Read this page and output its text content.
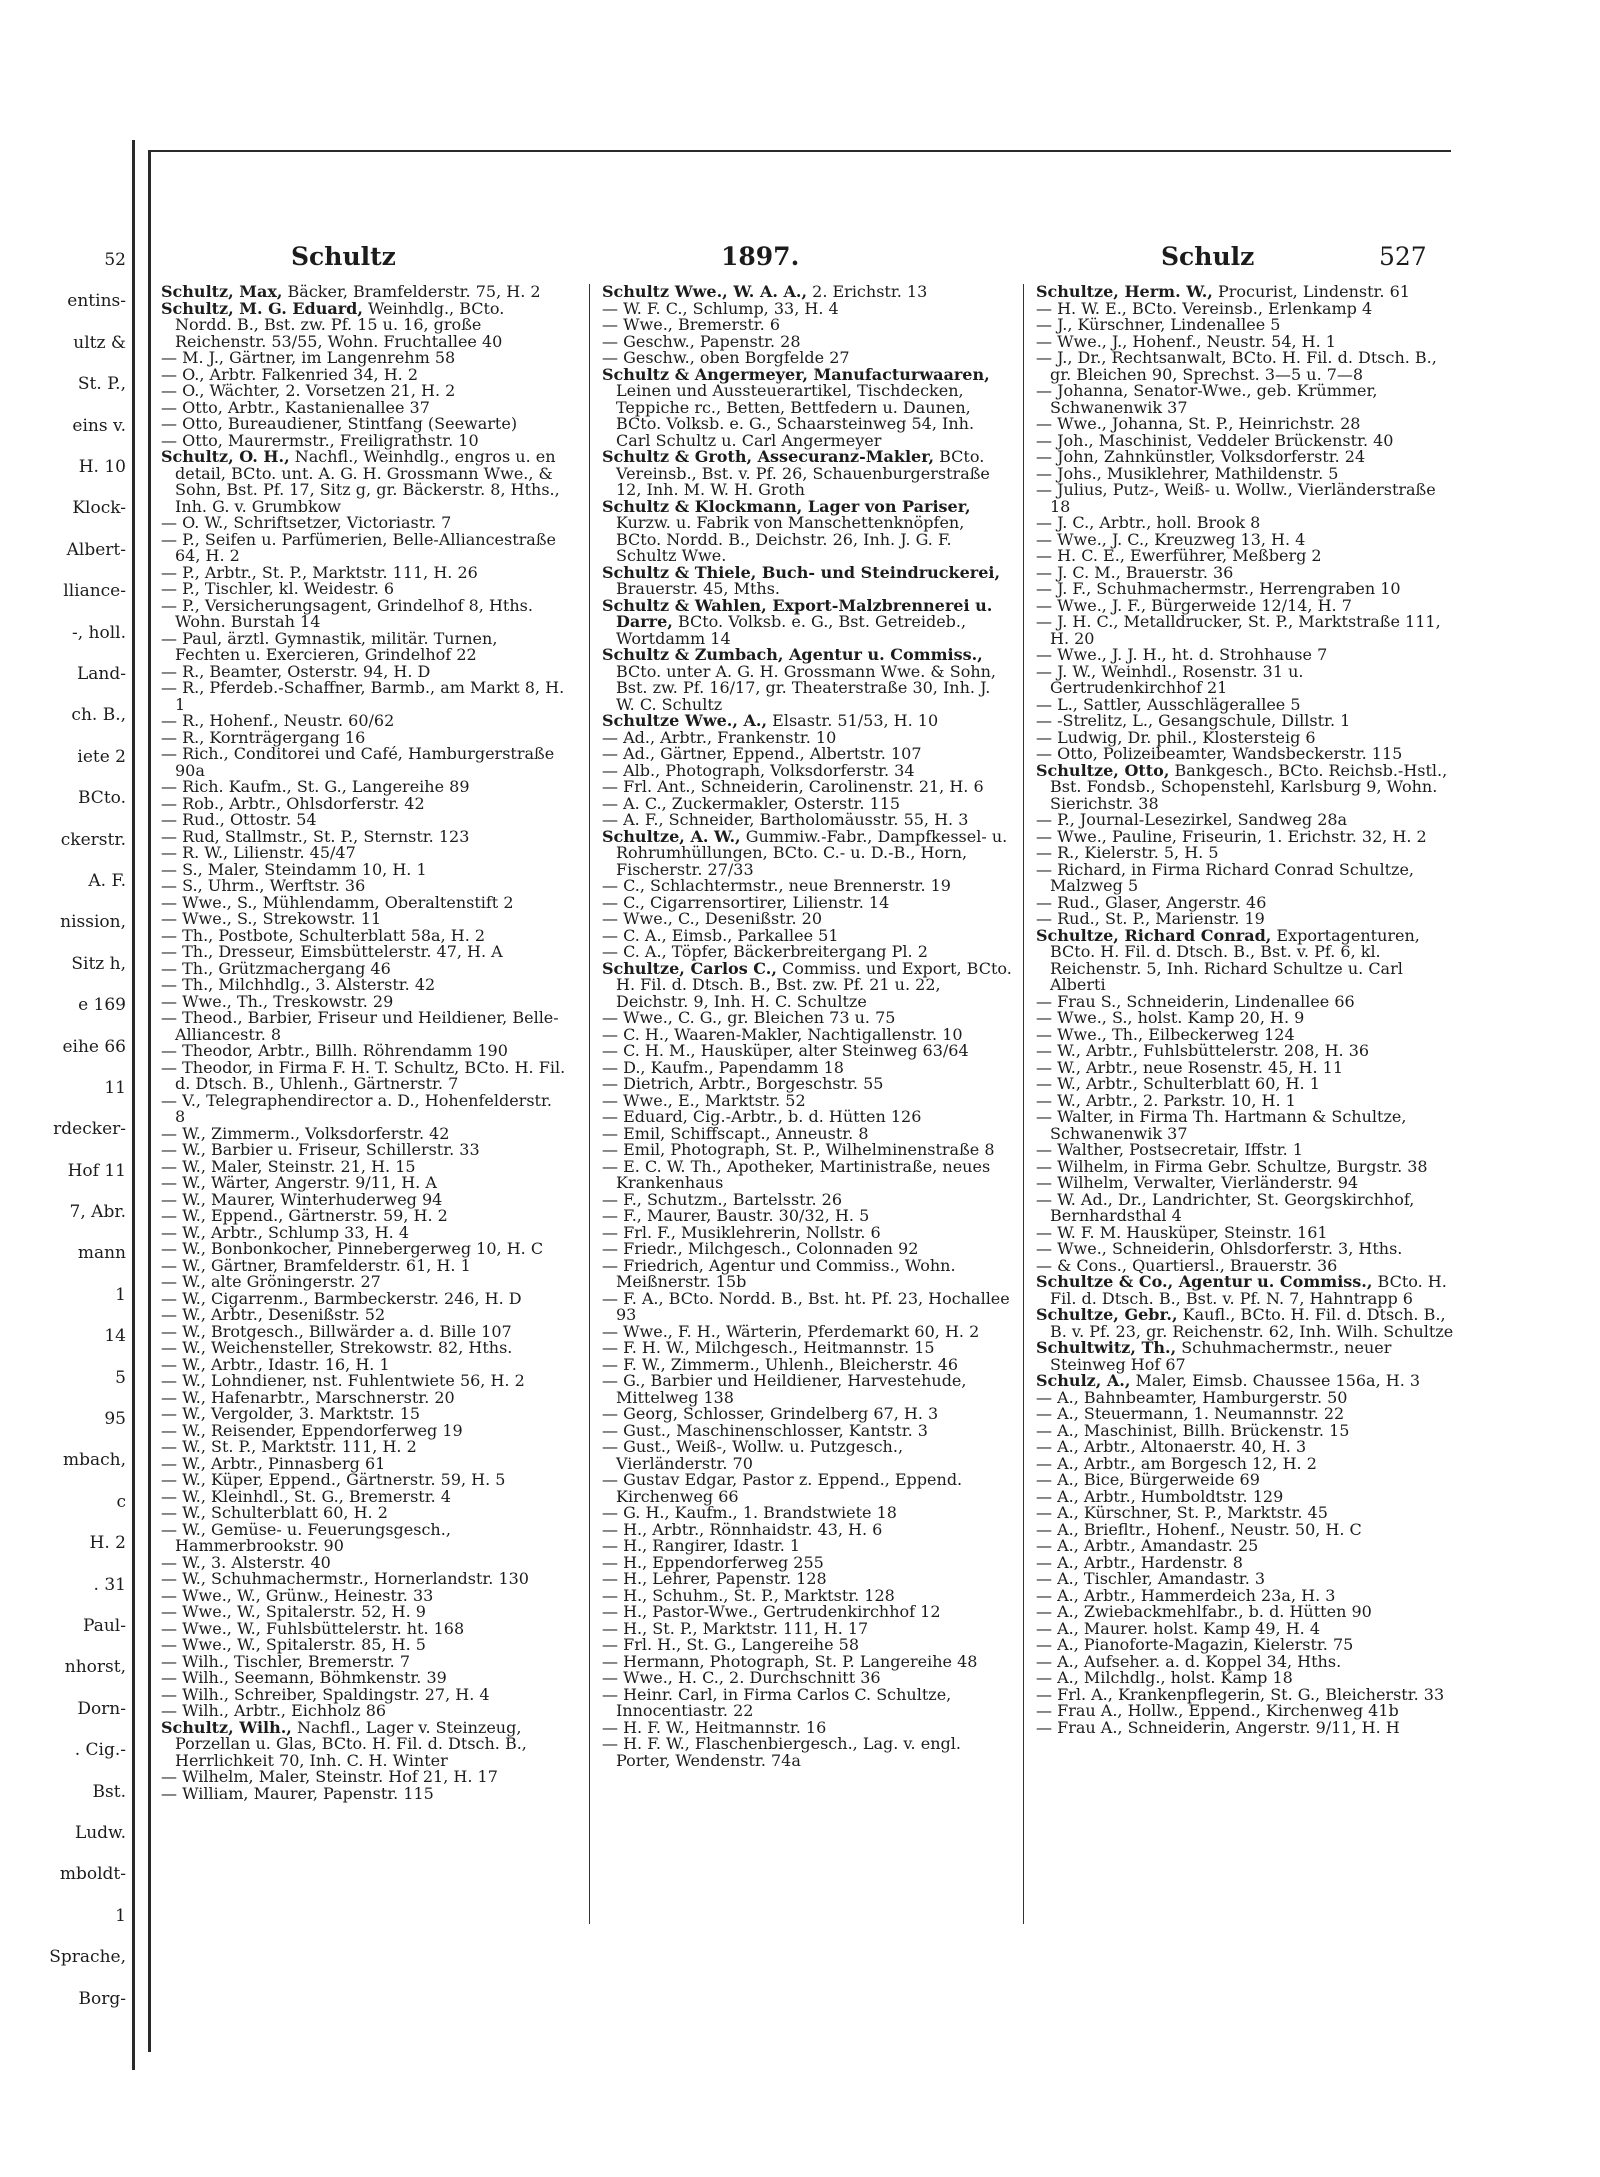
52
entins-
ultz &
St. P.,
eins v.
H. 10
Klock-
Albert-
lliance-
-, holl.
Land-
ch. B.,
iete 2
BCto.
ckerstr.
A. F.
nission,
Sitz h,
e 169
eihe 66
11
rdecker-
Hof 11
7, Abr.
mann
1
14
5
95
mbach,
c
H. 2
. 31
Paul-
nhorst,
Dorn-
. Cig.-
Bst.
Ludw.
mboldt-
1
Sprache,
Borg-
Schultz	1897.	Schulz	527

Schultz, Max, Bäcker, Bramfelderstr. 75, H. 2

Schultz, M. G. Eduard, Weinhdlg., BCto. Nordd. B., Bst. zw. Pf. 15 u. 16, große Reichenstr. 53/55, Wohn. Fruchtallee 40

— M. J., Gärtner, im Langenrehm 58

— O., Arbtr. Falkenried 34, H. 2

— O., Wächter, 2. Vorsetzen 21, H. 2

— Otto, Arbtr., Kastanienallee 37

— Otto, Bureaudiener, Stintfang (Seewarte)

— Otto, Maurermstr., Freiligrathstr. 10

Schultz, O. H., Nachfl., Weinhdlg., engros u. en detail, BCto. unt. A. G. H. Grossmann Wwe., & Sohn, Bst. Pf. 17, Sitz g, gr. Bäckerstr. 8, Hths., Inh. G. v. Grumbkow

— O. W., Schriftsetzer, Victoriastr. 7

— P., Seifen u. Parfümerien, Belle-Alliancestraße 64, H. 2

— P., Arbtr., St. P., Marktstr. 111, H. 26

— P., Tischler, kl. Weidestr. 6

— P., Versicherungsagent, Grindelhof 8, Hths. Wohn. Burstah 14

— Paul, ärztl. Gymnastik, militär. Turnen, Fechten u. Exercieren, Grindelhof 22

— R., Beamter, Osterstr. 94, H. D

— R., Pferdeb.-Schaffner, Barmb., am Markt 8, H. 1

— R., Hohenf., Neustr. 60/62

— R., Kornträgergang 16

— Rich., Conditorei und Café, Hamburgerstraße 90a

— Rich. Kaufm., St. G., Langereihe 89

— Rob., Arbtr., Ohlsdorferstr. 42

— Rud., Ottostr. 54

— Rud, Stallmstr., St. P., Sternstr. 123

— R. W., Lilienstr. 45/47

— S., Maler, Steindamm 10, H. 1

— S., Uhrm., Werftstr. 36

— Wwe., S., Mühlendamm, Oberaltenstift 2

— Wwe., S., Strekowstr. 11

— Th., Postbote, Schulterblatt 58a, H. 2

— Th., Dresseur, Eimsbüttelerstr. 47, H. A

— Th., Grützmachergang 46

— Th., Milchhdlg., 3. Alsterstr. 42

— Wwe., Th., Treskowstr. 29

— Theod., Barbier, Friseur und Heildiener, Belle-Alliancestr. 8

— Theodor, Arbtr., Billh. Röhrendamm 190

— Theodor, in Firma F. H. T. Schultz, BCto. H. Fil. d. Dtsch. B., Uhlenh., Gärtnerstr. 7

— V., Telegraphendirector a. D., Hohenfelderstr. 8

— W., Zimmerm., Volksdorferstr. 42

— W., Barbier u. Friseur, Schillerstr. 33

— W., Maler, Steinstr. 21, H. 15

— W., Wärter, Angerstr. 9/11, H. A

— W., Maurer, Winterhuderweg 94

— W., Eppend., Gärtnerstr. 59, H. 2

— W., Arbtr., Schlump 33, H. 4

— W., Bonbonkocher, Pinnebergerweg 10, H. C

— W., Gärtner, Bramfelderstr. 61, H. 1

— W., alte Gröningerstr. 27

— W., Cigarrenm., Barmbeckerstr. 246, H. D

— W., Arbtr., Desenißstr. 52

— W., Brotgesch., Billwärder a. d. Bille 107

— W., Weichensteller, Strekowstr. 82, Hths.

— W., Arbtr., Idastr. 16, H. 1

— W., Lohndiener, nst. Fuhlentwiete 56, H. 2

— W., Hafenarbtr., Marschnerstr. 20

— W., Vergolder, 3. Marktstr. 15

— W., Reisender, Eppendorferweg 19

— W., St. P., Marktstr. 111, H. 2

— W., Arbtr., Pinnasberg 61

— W., Küper, Eppend., Gärtnerstr. 59, H. 5

— W., Kleinhdl., St. G., Bremerstr. 4

— W., Schulterblatt 60, H. 2

— W., Gemüse- u. Feuerungsgesch., Hammerbrookstr. 90

— W., 3. Alsterstr. 40

— W., Schuhmachermstr., Hornerlandstr. 130

— Wwe., W., Grünw., Heinestr. 33

— Wwe., W., Spitalerstr. 52, H. 9

— Wwe., W., Fuhlsbüttelerstr. ht. 168

— Wwe., W., Spitalerstr. 85, H. 5

— Wilh., Tischler, Bremerstr. 7

— Wilh., Seemann, Böhmkenstr. 39

— Wilh., Schreiber, Spaldingstr. 27, H. 4

— Wilh., Arbtr., Eichholz 86

Schultz, Wilh., Nachfl., Lager v. Steinzeug, Porzellan u. Glas, BCto. H. Fil. d. Dtsch. B., Herrlichkeit 70, Inh. C. H. Winter

— Wilhelm, Maler, Steinstr. Hof 21, H. 17

— William, Maurer, Papenstr. 115

Schultz Wwe., W. A. A., 2. Erichstr. 13

— W. F. C., Schlump, 33, H. 4

— Wwe., Bremerstr. 6

— Geschw., Papenstr. 28

— Geschw., oben Borgfelde 27

Schultz & Angermeyer, Manufacturwaaren, Leinen und Aussteuerartikel, Tischdecken, Teppiche rc., Betten, Bettfedern u. Daunen, BCto. Volksb. e. G., Schaarsteinweg 54, Inh. Carl Schultz u. Carl Angermeyer

Schultz & Groth, Assecuranz-Makler, BCto. Vereinsb., Bst. v. Pf. 26, Schauenburgerstraße 12, Inh. M. W. H. Groth

Schultz & Klockmann, Lager von Pariser, Kurzw. u. Fabrik von Manschettenknöpfen, BCto. Nordd. B., Deichstr. 26, Inh. J. G. F. Schultz Wwe.

Schultz & Thiele, Buch- und Steindruckerei, Brauerstr. 45, Mths.

Schultz & Wahlen, Export-Malzbrennerei u. Darre, BCto. Volksb. e. G., Bst. Getreideb., Wortdamm 14

Schultz & Zumbach, Agentur u. Commiss., BCto. unter A. G. H. Grossmann Wwe. & Sohn, Bst. zw. Pf. 16/17, gr. Theaterstraße 30, Inh. J. W. C. Schultz

Schultze Wwe., A., Elsastr. 51/53, H. 10

— Ad., Arbtr., Frankenstr. 10

— Ad., Gärtner, Eppend., Albertstr. 107

— Alb., Photograph, Volksdorferstr. 34

— Frl. Ant., Schneiderin, Carolinenstr. 21, H. 6

— A. C., Zuckermakler, Osterstr. 115

— A. F., Schneider, Bartholomäusstr. 55, H. 3

Schultze, A. W., Gummiw.-Fabr., Dampfkessel- u. Rohrumhüllungen, BCto. C.- u. D.-B., Horn, Fischerstr. 27/33

— C., Schlachtermstr., neue Brennerstr. 19

— C., Cigarrensortirer, Lilienstr. 14

— Wwe., C., Desenißstr. 20

— C. A., Eimsb., Parkallee 51

— C. A., Töpfer, Bäckerbreitergang Pl. 2

Schultze, Carlos C., Commiss. und Export, BCto. H. Fil. d. Dtsch. B., Bst. zw. Pf. 21 u. 22, Deichstr. 9, Inh. H. C. Schultze

— Wwe., C. G., gr. Bleichen 73 u. 75

— C. H., Waaren-Makler, Nachtigallenstr. 10

— C. H. M., Hausküper, alter Steinweg 63/64

— D., Kaufm., Papendamm 18

— Dietrich, Arbtr., Borgeschstr. 55

— Wwe., E., Marktstr. 52

— Eduard, Cig.-Arbtr., b. d. Hütten 126

— Emil, Schiffscapt., Anneustr. 8

— Emil, Photograph, St. P., Wilhelminenstraße 8

— E. C. W. Th., Apotheker, Martinistraße, neues Krankenhaus

— F., Schutzm., Bartelsstr. 26

— F., Maurer, Baustr. 30/32, H. 5

— Frl. F., Musiklehrerin, Nollstr. 6

— Friedr., Milchgesch., Colonnaden 92

— Friedrich, Agentur und Commiss., Wohn. Meißnerstr. 15b

— F. A., BCto. Nordd. B., Bst. ht. Pf. 23, Hochallee 93

— Wwe., F. H., Wärterin, Pferdemarkt 60, H. 2

— F. H. W., Milchgesch., Heitmannstr. 15

— F. W., Zimmerm., Uhlenh., Bleicherstr. 46

— G., Barbier und Heildiener, Harvestehude, Mittelweg 138

— Georg, Schlosser, Grindelberg 67, H. 3

— Gust., Maschinenschlosser, Kantstr. 3

— Gust., Weiß-, Wollw. u. Putzgesch., Vierländerstr. 70

— Gustav Edgar, Pastor z. Eppend., Eppend. Kirchenweg 66

— G. H., Kaufm., 1. Brandstwiete 18

— H., Arbtr., Rönnhaidstr. 43, H. 6

— H., Rangirer, Idastr. 1

— H., Eppendorferweg 255

— H., Lehrer, Papenstr. 128

— H., Schuhm., St. P., Marktstr. 128

— H., Pastor-Wwe., Gertrudenkirchhof 12

— H., St. P., Marktstr. 111, H. 17

— Frl. H., St. G., Langereihe 58

— Hermann, Photograph, St. P. Langereihe 48

— Wwe., H. C., 2. Durchschnitt 36

— Heinr. Carl, in Firma Carlos C. Schultze, Innocentiastr. 22

— H. F. W., Heitmannstr. 16

— H. F. W., Flaschenbiergesch., Lag. v. engl. Porter, Wendenstr. 74a

Schultze, Herm. W., Procurist, Lindenstr. 61

— H. W. E., BCto. Vereinsb., Erlenkamp 4

— J., Kürschner, Lindenallee 5

— Wwe., J., Hohenf., Neustr. 54, H. 1

— J., Dr., Rechtsanwalt, BCto. H. Fil. d. Dtsch. B., gr. Bleichen 90, Sprechst. 3—5 u. 7—8

— Johanna, Senator-Wwe., geb. Krümmer, Schwanenwik 37

— Wwe., Johanna, St. P., Heinrichstr. 28

— Joh., Maschinist, Veddeler Brückenstr. 40

— John, Zahnkünstler, Volksdorferstr. 24

— Johs., Musiklehrer, Mathildenstr. 5

— Julius, Putz-, Weiß- u. Wollw., Vierländerstraße 18

— J. C., Arbtr., holl. Brook 8

— Wwe., J. C., Kreuzweg 13, H. 4

— H. C. E., Ewerführer, Meßberg 2

— J. C. M., Brauerstr. 36

— J. F., Schuhmachermstr., Herrengraben 10

— Wwe., J. F., Bürgerweide 12/14, H. 7

— J. H. C., Metalldrucker, St. P., Marktstraße 111, H. 20

— Wwe., J. J. H., ht. d. Strohhause 7

— J. W., Weinhdl., Rosenstr. 31 u. Gertrudenkirchhof 21

— L., Sattler, Ausschlägerallee 5

— -Strelitz, L., Gesangschule, Dillstr. 1

— Ludwig, Dr. phil., Klostersteig 6

— Otto, Polizeibeamter, Wandsbeckerstr. 115

Schultze, Otto, Bankgesch., BCto. Reichsb.-Hstl., Bst. Fondsb., Schopenstehl, Karlsburg 9, Wohn. Sierichstr. 38

— P., Journal-Lesezirkel, Sandweg 28a

— Wwe., Pauline, Friseurin, 1. Erichstr. 32, H. 2

— R., Kielerstr. 5, H. 5

— Richard, in Firma Richard Conrad Schultze, Malzweg 5

— Rud., Glaser, Angerstr. 46

— Rud., St. P., Marienstr. 19

Schultze, Richard Conrad, Exportagenturen, BCto. H. Fil. d. Dtsch. B., Bst. v. Pf. 6, kl. Reichenstr. 5, Inh. Richard Schultze u. Carl Alberti

— Frau S., Schneiderin, Lindenallee 66

— Wwe., S., holst. Kamp 20, H. 9

— Wwe., Th., Eilbeckerweg 124

— W., Arbtr., Fuhlsbüttelerstr. 208, H. 36

— W., Arbtr., neue Rosenstr. 45, H. 11

— W., Arbtr., Schulterblatt 60, H. 1

— W., Arbtr., 2. Parkstr. 10, H. 1

— Walter, in Firma Th. Hartmann & Schultze, Schwanenwik 37

— Walther, Postsecretair, Iffstr. 1

— Wilhelm, in Firma Gebr. Schultze, Burgstr. 38

— Wilhelm, Verwalter, Vierländerstr. 94

— W. Ad., Dr., Landrichter, St. Georgskirchhof, Bernhardsthal 4

— W. F. M. Hausküper, Steinstr. 161

— Wwe., Schneiderin, Ohlsdorferstr. 3, Hths.

— & Cons., Quartiersl., Brauerstr. 36

Schultze & Co., Agentur u. Commiss., BCto. H. Fil. d. Dtsch. B., Bst. v. Pf. N. 7, Hahntrapp 6

Schultze, Gebr., Kaufl., BCto. H. Fil. d. Dtsch. B., B. v. Pf. 23, gr. Reichenstr. 62, Inh. Wilh. Schultze

Schultwitz, Th., Schuhmachermstr., neuer Steinweg Hof 67

Schulz, A., Maler, Eimsb. Chaussee 156a, H. 3

— A., Bahnbeamter, Hamburgerstr. 50

— A., Steuermann, 1. Neumannstr. 22

— A., Maschinist, Billh. Brückenstr. 15

— A., Arbtr., Altonaerstr. 40, H. 3

— A., Arbtr., am Borgesch 12, H. 2

— A., Bice, Bürgerweide 69

— A., Arbtr., Humboldtstr. 129

— A., Kürschner, St. P., Marktstr. 45

— A., Briefltr., Hohenf., Neustr. 50, H. C

— A., Arbtr., Amandastr. 25

— A., Arbtr., Hardenstr. 8

— A., Tischler, Amandastr. 3

— A., Arbtr., Hammerdeich 23a, H. 3

— A., Zwiebackmehlfabr., b. d. Hütten 90

— A., Maurer. holst. Kamp 49, H. 4

— A., Pianoforte-Magazin, Kielerstr. 75

— A., Aufseher. a. d. Koppel 34, Hths.

— A., Milchdlg., holst. Kamp 18

— Frl. A., Krankenpflegerin, St. G., Bleicherstr. 33

— Frau A., Hollw., Eppend., Kirchenweg 41b

— Frau A., Schneiderin, Angerstr. 9/11, H. H
